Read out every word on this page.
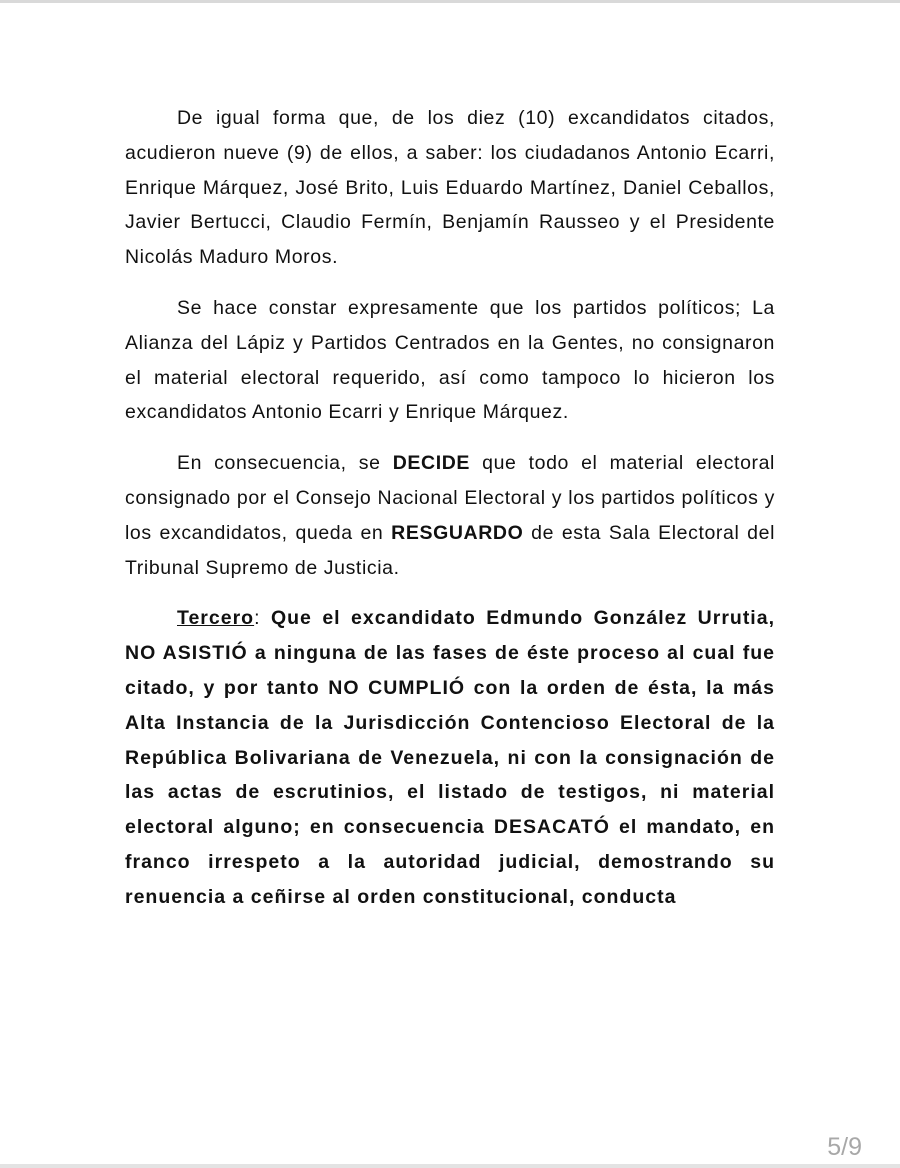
De igual forma que, de los diez (10) excandidatos citados, acudieron nueve (9) de ellos, a saber: los ciudadanos Antonio Ecarri, Enrique Márquez, José Brito, Luis Eduardo Martínez, Daniel Ceballos, Javier Bertucci, Claudio Fermín, Benjamín Rausseo y el Presidente Nicolás Maduro Moros.

Se hace constar expresamente que los partidos políticos; La Alianza del Lápiz y Partidos Centrados en la Gentes, no consignaron el material electoral requerido, así como tampoco lo hicieron los excandidatos Antonio Ecarri y Enrique Márquez.

En consecuencia, se DECIDE que todo el material electoral consignado por el Consejo Nacional Electoral y los partidos políticos y los excandidatos, queda en RESGUARDO de esta Sala Electoral del Tribunal Supremo de Justicia.

Tercero: Que el excandidato Edmundo González Urrutia, NO ASISTIÓ a ninguna de las fases de éste proceso al cual fue citado, y por tanto NO CUMPLIÓ con la orden de ésta, la más Alta Instancia de la Jurisdicción Contencioso Electoral de la República Bolivariana de Venezuela, ni con la consignación de las actas de escrutinios, el listado de testigos, ni material electoral alguno; en consecuencia DESACATÓ el mandato, en franco irrespeto a la autoridad judicial, demostrando su renuencia a ceñirse al orden constitucional, conducta

5/9
